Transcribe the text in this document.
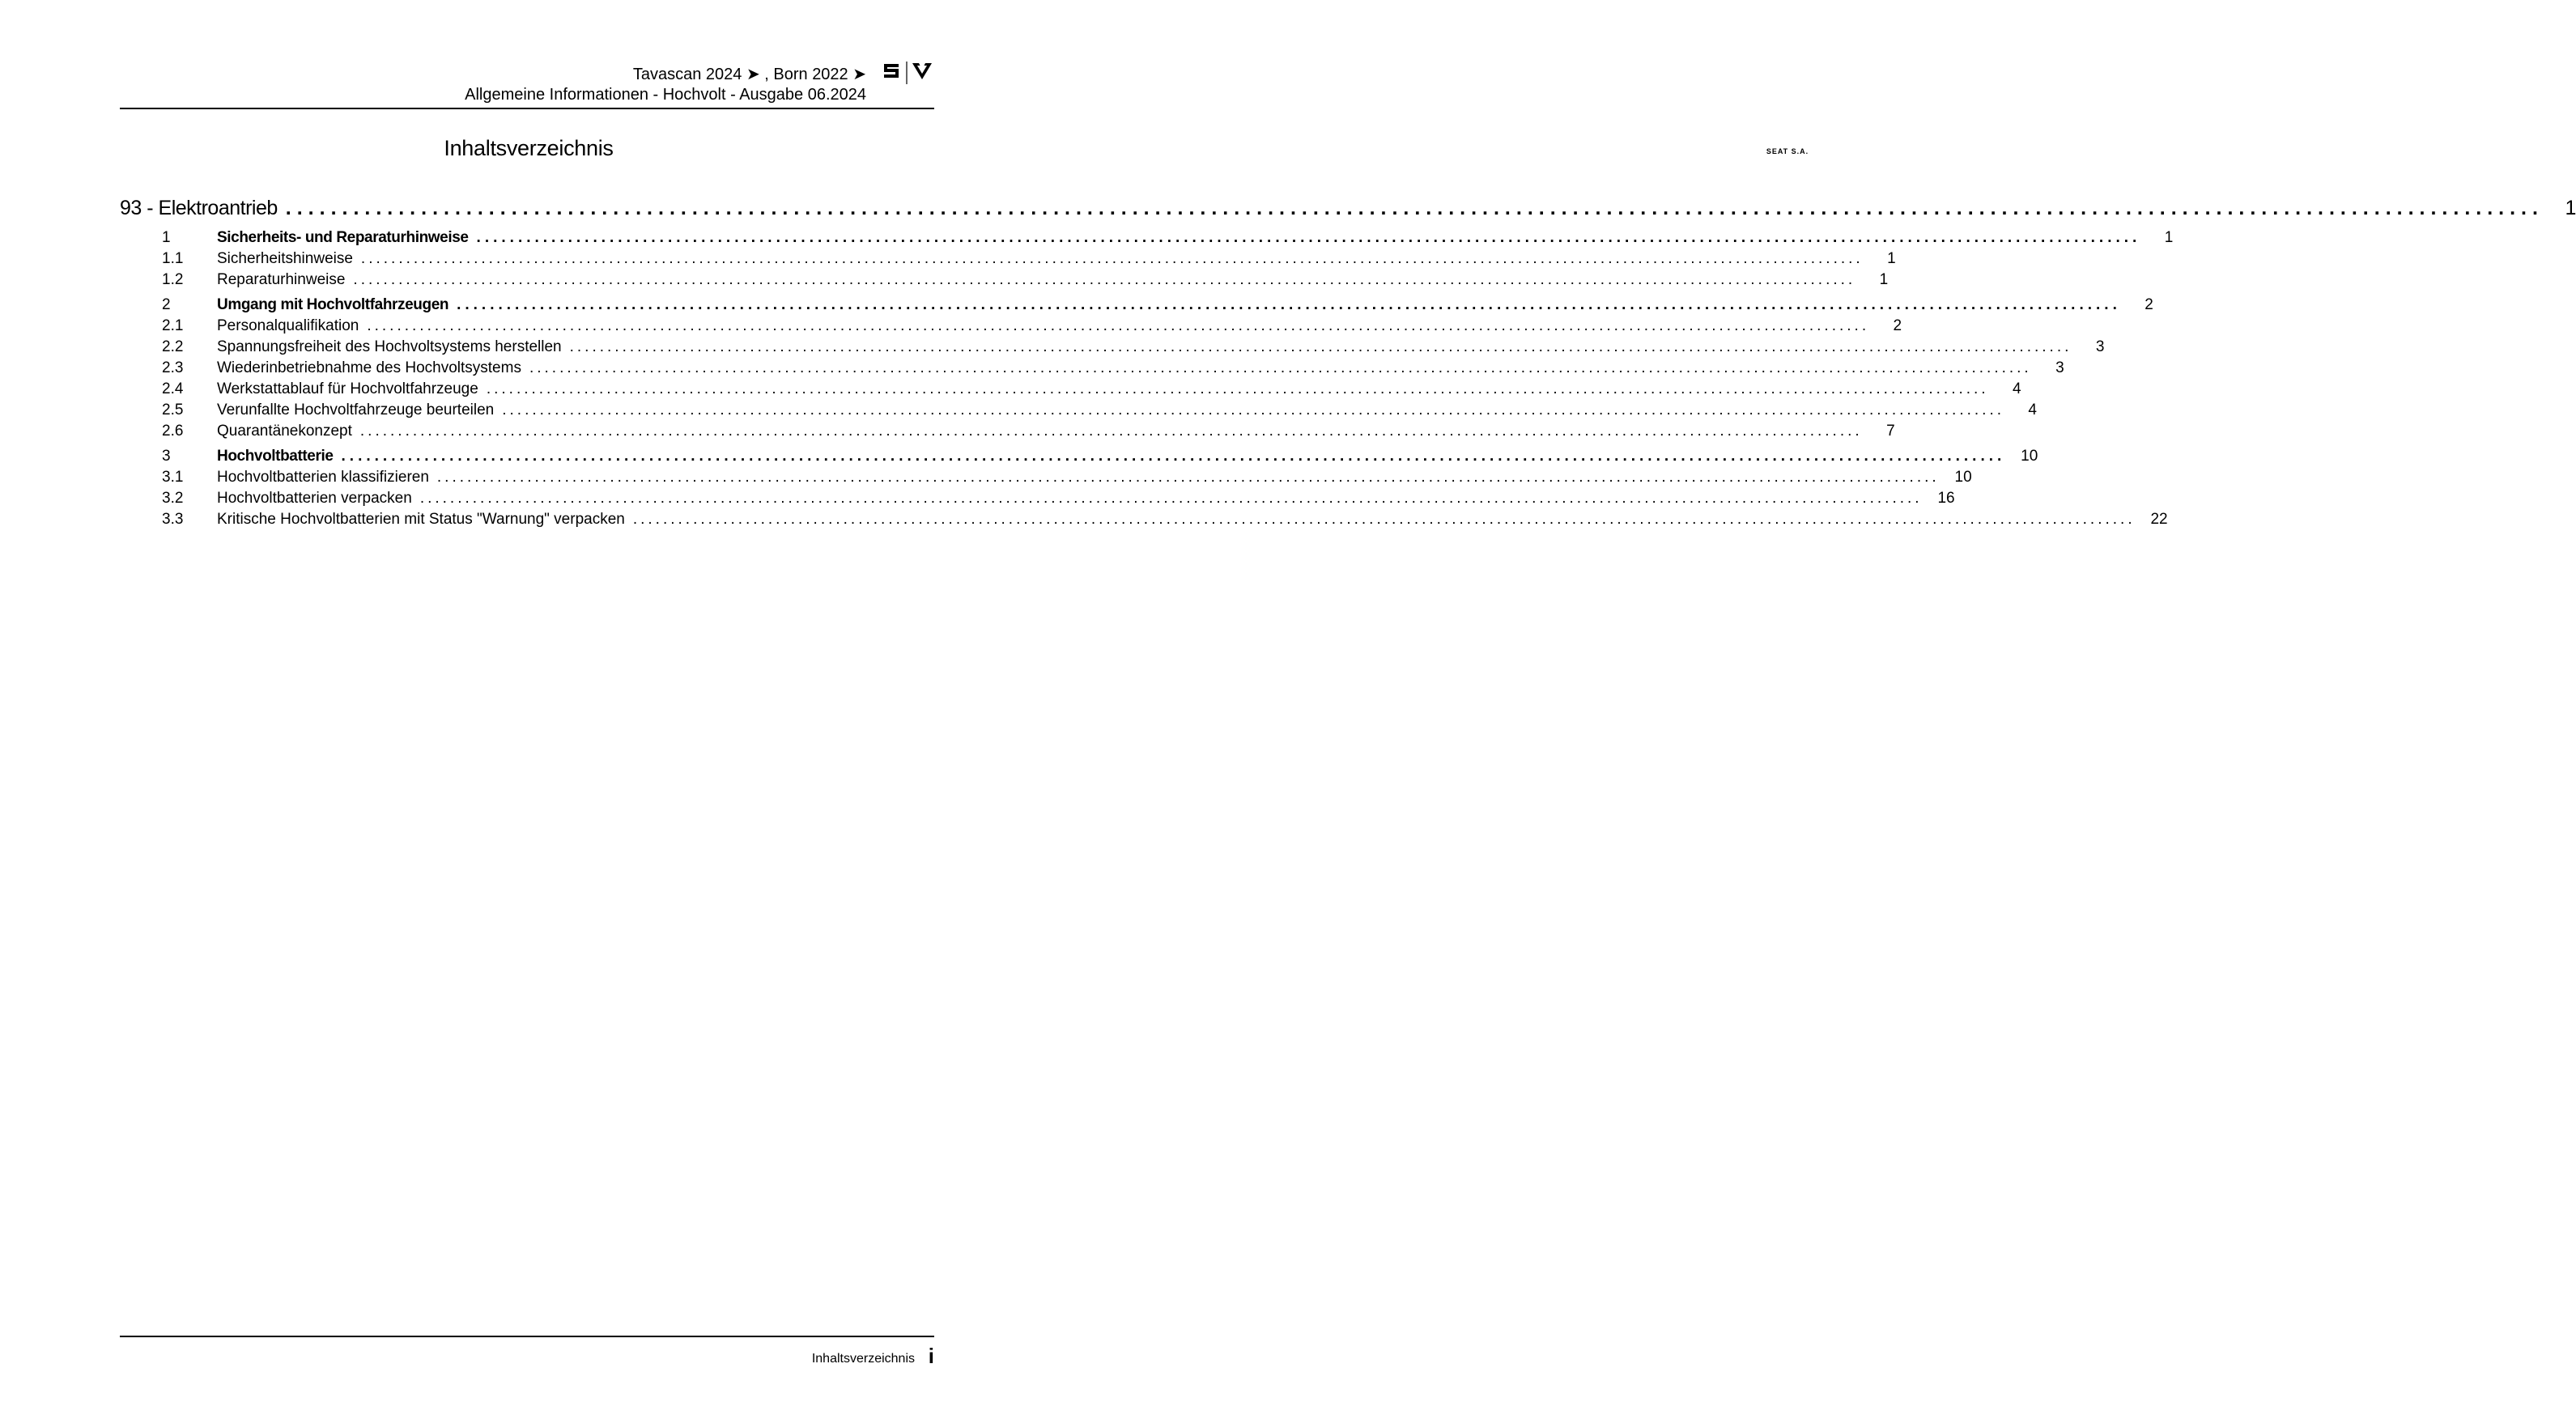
Tavascan 2024 ➤ , Born 2022 ➤
Allgemeine Informationen - Hochvolt - Ausgabe 06.2024
SEAT S.A.
Inhaltsverzeichnis
93 - Elektroantrieb ........................................................................................................................................................................................................	1
1	Sicherheits- und Reparaturhinweise ........................................................................................................................................................................................................	1
1.1	Sicherheitshinweise ........................................................................................................................................................................................................	1
1.2	Reparaturhinweise ........................................................................................................................................................................................................	1
2	Umgang mit Hochvoltfahrzeugen ........................................................................................................................................................................................................	2
2.1	Personalqualifikation ........................................................................................................................................................................................................	2
2.2	Spannungsfreiheit des Hochvoltsystems herstellen ........................................................................................................................................................................................................	3
2.3	Wiederinbetriebnahme des Hochvoltsystems ........................................................................................................................................................................................................	3
2.4	Werkstattablauf für Hochvoltfahrzeuge ........................................................................................................................................................................................................	4
2.5	Verunfallte Hochvoltfahrzeuge beurteilen ........................................................................................................................................................................................................	4
2.6	Quarantänekonzept ........................................................................................................................................................................................................	7
3	Hochvoltbatterie ........................................................................................................................................................................................................ 10
3.1	Hochvoltbatterien klassifizieren ........................................................................................................................................................................................................ 10
3.2	Hochvoltbatterien verpacken ........................................................................................................................................................................................................ 16
3.3	Kritische Hochvoltbatterien mit Status "Warnung" verpacken ........................................................................................................................................................................................................ 22
Inhaltsverzeichnis i
